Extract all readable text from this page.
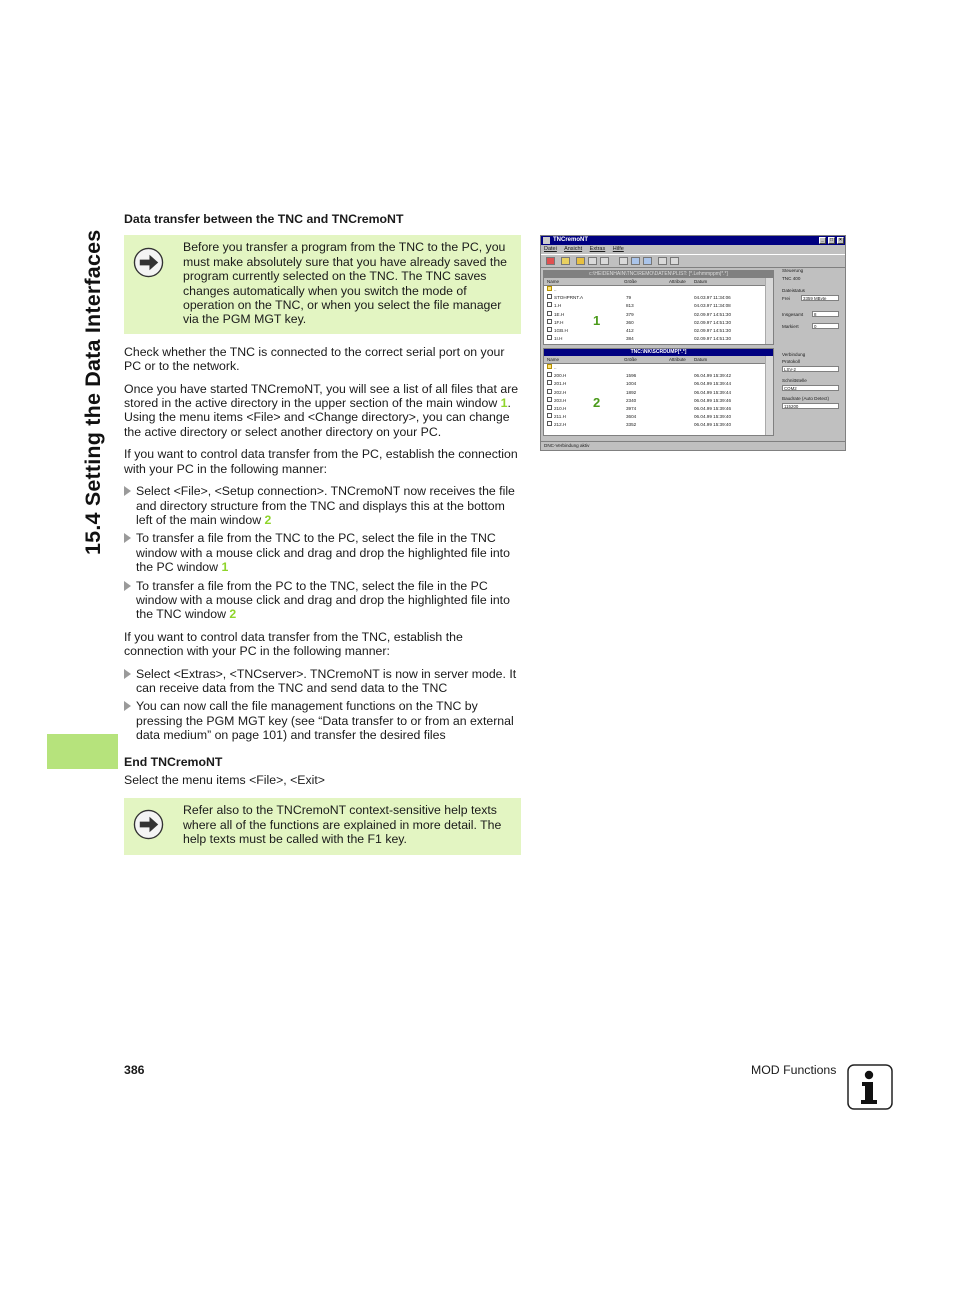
15.4 Setting the Data Interfaces
Data transfer between the TNC and TNCremoNT

Before you transfer a program from the TNC to the PC, you must make absolutely sure that you have already saved the program currently selected on the TNC. The TNC saves changes automatically when you switch the mode of operation on the TNC, or when you select the file manager via the PGM MGT key.

Check whether the TNC is connected to the correct serial port on your PC or to the network.

Once you have started TNCremoNT, you will see a list of all files that are stored in the active directory in the upper section of the main window 1. Using the menu items <File> and <Change directory>, you can change the active directory or select another directory on your PC.

If you want to control data transfer from the PC, establish the connection with your PC in the following manner:

Select <File>, <Setup connection>. TNCremoNT now receives the file and directory structure from the TNC and displays this at the bottom left of the main window 2
To transfer a file from the TNC to the PC, select the file in the TNC window with a mouse click and drag and drop the highlighted file into the PC window 1
To transfer a file from the PC to the TNC, select the file in the PC window with a mouse click and drag and drop the highlighted file into the TNC window 2

If you want to control data transfer from the TNC, establish the connection with your PC in the following manner:

Select <Extras>, <TNCserver>. TNCremoNT is now in server mode. It can receive data from the TNC and send data to the TNC
You can now call the file management functions on the TNC by pressing the PGM MGT key (see “Data transfer to or from an external data medium” on page 101) and transfer the desired files
End TNCremoNT

Select the menu items <File>, <Exit>

Refer also to the TNCremoNT context-sensitive help texts where all of the functions are explained in more detail. The help texts must be called with the F1 key.

TNCremoNT	_	□	×
Datei Ansicht Extras Hilfe
c:\HEIDENHAIN\TNC\REMO\DATEN\PLIST: [*.Lehmmppm|*.*]
Name	Größe	Attribute Datum
..
STOHPRNT.A	79	04.03.97 11:34:06
1.H	813	04.03.97 11:34:08
1E.H	379	02.09.97 14:51:30
1F.H	360	02.09.97 14:51:30
1GB.H	412	02.09.97 14:51:30
1I.H	384	02.09.97 14:51:30
1
TNC:\NK\SCRDUMP[*.*]
Name	Größe	Attribute Datum
..
200.H	1596	06.04.99 15:39:42
201.H	1004	06.04.99 15:39:44
202.H	1892	06.04.99 15:39:44
203.H	2340	06.04.99 15:39:46
210.H	3974	06.04.99 15:39:46
211.H	3604	06.04.99 15:39:40
212.H	3352	06.04.99 15:39:40
2
Steuerung
TNC 400
Dateistatus
Frei	3359 MByte
Insgesamt	8
Markiert	0
Verbindung
Protokoll
LSV-2
Schnittstelle
COM2
Baudrate (Auto Detect)
115200
DNC-Verbindung aktiv
386	MOD Functions
